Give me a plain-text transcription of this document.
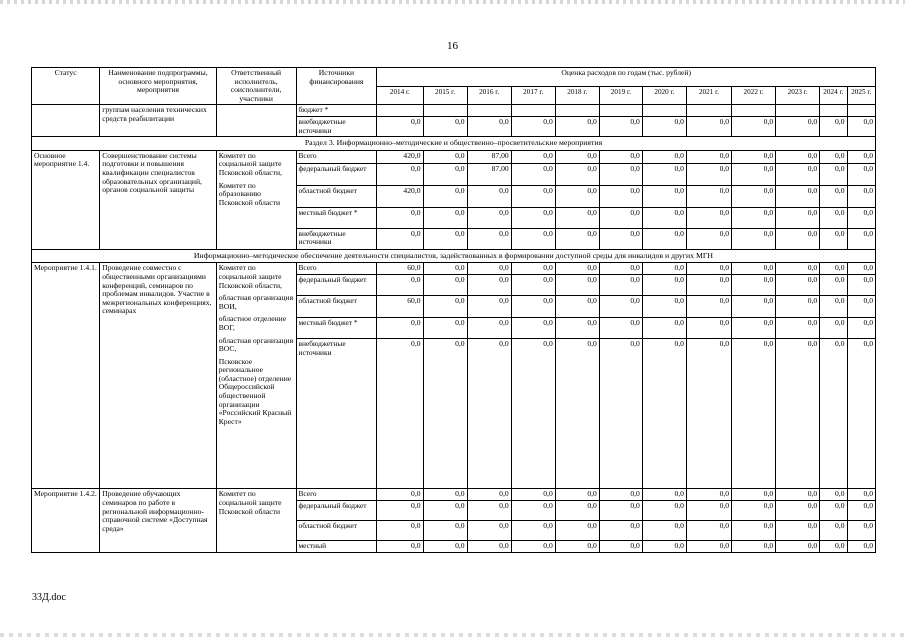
16
Статус	Наименование подпрограммы, основного мероприятия, мероприятия	Ответственный исполнитель, соисполнители, участники	Источники финансирования	Оценка расходов по годам (тыс. рублей)											
				2014 г.	2015 г.	2016 г.	2017 г.	2018 г.	2019 г.	2020 г.	2021 г.	2022 г.	2023 г.	2024 г.	2025 г.
	группам населения технических средств реабилитации		бюджет *												
			внебюджетные источники	0,0	0,0	0,0	0,0	0,0	0,0	0,0	0,0	0,0	0,0	0,0	0,0
Раздел 3. Информационно–методические и общественно–просветительские мероприятия															
Основное мероприятие 1.4.	Совершенствование системы подготовки и повышения квалификации специалистов образовательных организаций, органов социальной защиты	Комитет по социальной защите Псковской области,
Комитет по образованию Псковской области	Всего	420,0	0,0	87,00	0,0	0,0	0,0	0,0	0,0	0,0	0,0	0,0	0,0
			федеральный бюджет	0,0	0,0	87,00	0,0	0,0	0,0	0,0	0,0	0,0	0,0	0,0	0,0
			областной бюджет	420,0	0,0	0,0	0,0	0,0	0,0	0,0	0,0	0,0	0,0	0,0	0,0
			местный бюджет *	0,0	0,0	0,0	0,0	0,0	0,0	0,0	0,0	0,0	0,0	0,0	0,0
			внебюджетные источники	0,0	0,0	0,0	0,0	0,0	0,0	0,0	0,0	0,0	0,0	0,0	0,0
Информационно–методическое обеспечение деятельности специалистов, задействованных в формировании доступной среды для инвалидов и других МГН															
Мероприятие 1.4.1.	Проведение совместно с общественными организациями конференций, семинаров по проблемам инвалидов. Участие в межрегиональных конференциях, семинарах	Комитет по социальной защите Псковской области,
областная организация ВОИ,
областное отделение ВОГ,
областная организация ВОС,
Псковское региональное (областное) отделение Общероссийской общественной организации «Российский Красный Крест»	Всего	60,0	0,0	0,0	0,0	0,0	0,0	0,0	0,0	0,0	0,0	0,0	0,0
			федеральный бюджет	0,0	0,0	0,0	0,0	0,0	0,0	0,0	0,0	0,0	0,0	0,0	0,0
			областной бюджет	60,0	0,0	0,0	0,0	0,0	0,0	0,0	0,0	0,0	0,0	0,0	0,0
			местный бюджет *	0,0	0,0	0,0	0,0	0,0	0,0	0,0	0,0	0,0	0,0	0,0	0,0
			внебюджетные источники	0,0	0,0	0,0	0,0	0,0	0,0	0,0	0,0	0,0	0,0	0,0	0,0
Мероприятие 1.4.2.	Проведение обучающих семинаров по работе в региональной информационно-справочной системе «Доступная среда»	Комитет по социальной защите Псковской области	Всего	0,0	0,0	0,0	0,0	0,0	0,0	0,0	0,0	0,0	0,0	0,0	0,0
			федеральный бюджет	0,0	0,0	0,0	0,0	0,0	0,0	0,0	0,0	0,0	0,0	0,0	0,0
			областной бюджет	0,0	0,0	0,0	0,0	0,0	0,0	0,0	0,0	0,0	0,0	0,0	0,0
			местный	0,0	0,0	0,0	0,0	0,0	0,0	0,0	0,0	0,0	0,0	0,0	0,0
33Д.doc
